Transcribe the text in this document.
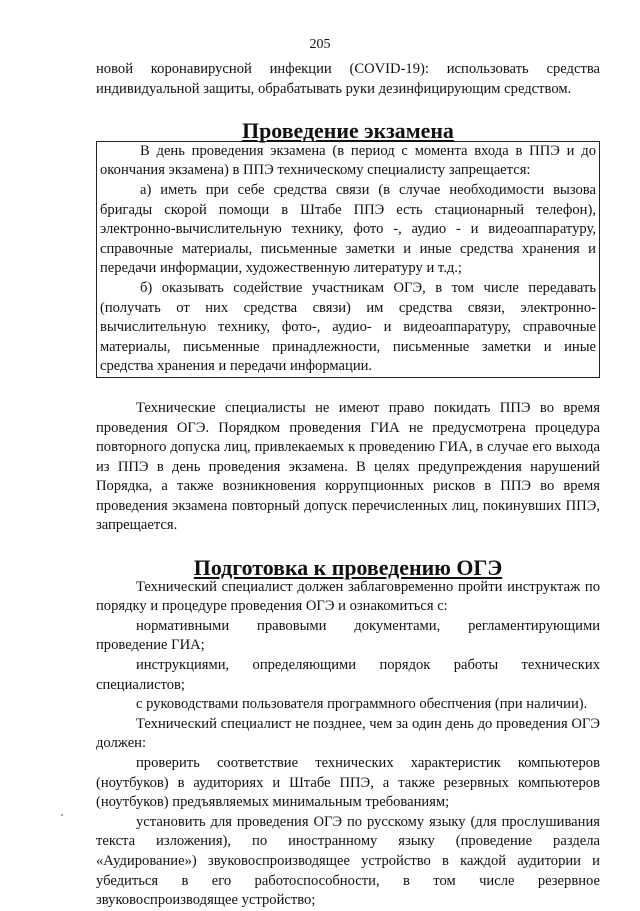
205

новой коронавирусной инфекции (COVID-19): использовать средства индивидуальной защиты, обрабатывать руки дезинфицирующим средством.

Проведение экзамена

В день проведения экзамена (в период с момента входа в ППЭ и до окончания экзамена) в ППЭ техническому специалисту запрещается:

а) иметь при себе средства связи (в случае необходимости вызова бригады скорой помощи в Штабе ППЭ есть стационарный телефон), электронно-вычислительную технику, фото -, аудио - и видеоаппаратуру, справочные материалы, письменные заметки и иные средства хранения и передачи информации, художественную литературу и т.д.;

б) оказывать содействие участникам ОГЭ, в том числе передавать (получать от них средства связи) им средства связи, электронно-вычислительную технику, фото-, аудио- и видеоаппаратуру, справочные материалы, письменные принадлежности, письменные заметки и иные средства хранения и передачи информации.

Технические специалисты не имеют право покидать ППЭ во время проведения ОГЭ. Порядком проведения ГИА не предусмотрена процедура повторного допуска лиц, привлекаемых к проведению ГИА, в случае его выхода из ППЭ в день проведения экзамена. В целях предупреждения нарушений Порядка, а также возникновения коррупционных рисков в ППЭ во время проведения экзамена повторный допуск перечисленных лиц, покинувших ППЭ, запрещается.

Подготовка к проведению ОГЭ

Технический специалист должен заблаговременно пройти инструктаж по порядку и процедуре проведения ОГЭ и ознакомиться с:

нормативными правовыми документами, регламентирующими проведение ГИА;

инструкциями, определяющими порядок работы технических специалистов;

с руководствами пользователя программного обеспчения (при наличии).

Технический специалист не позднее, чем за один день до проведения ОГЭ должен:

проверить соответствие технических характеристик компьютеров (ноутбуков) в аудиториях и Штабе ППЭ, а также резервных компьютеров (ноутбуков) предъявляемых минимальным требованиям;

установить для проведения ОГЭ по русскому языку (для прослушивания текста изложения), по иностранному языку (проведение раздела «Аудирование») звуковоспроизводящее устройство в каждой аудитории и убедиться в его работоспособности, в том числе резервное звуковоспроизводящее устройство;
